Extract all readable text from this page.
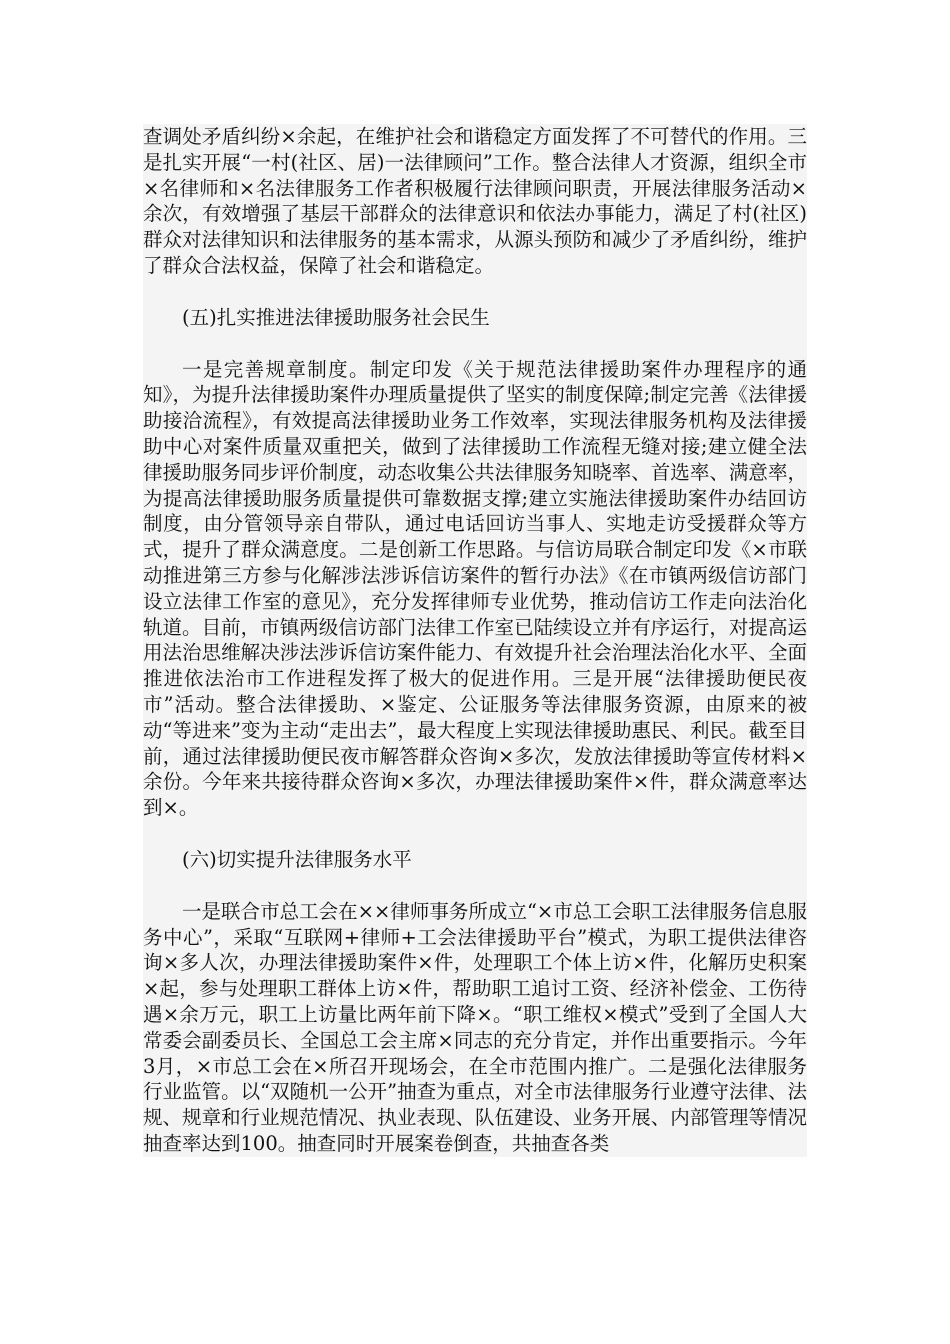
查调处矛盾纠纷×余起，在维护社会和谐稳定方面发挥了不可替代的作用。三是扎实开展“一村(社区、居)一法律顾问”工作。整合法律人才资源，组织全市×名律师和×名法律服务工作者积极履行法律顾问职责，开展法律服务活动×余次，有效增强了基层干部群众的法律意识和依法办事能力，满足了村(社区)群众对法律知识和法律服务的基本需求，从源头预防和减少了矛盾纠纷，维护了群众合法权益，保障了社会和谐稳定。

(五)扎实推进法律援助服务社会民生

一是完善规章制度。制定印发《关于规范法律援助案件办理程序的通知》，为提升法律援助案件办理质量提供了坚实的制度保障;制定完善《法律援助接洽流程》，有效提高法律援助业务工作效率，实现法律服务机构及法律援助中心对案件质量双重把关，做到了法律援助工作流程无缝对接;建立健全法律援助服务同步评价制度，动态收集公共法律服务知晓率、首选率、满意率，为提高法律援助服务质量提供可靠数据支撑;建立实施法律援助案件办结回访制度，由分管领导亲自带队，通过电话回访当事人、实地走访受援群众等方式，提升了群众满意度。二是创新工作思路。与信访局联合制定印发《×市联动推进第三方参与化解涉法涉诉信访案件的暂行办法》《在市镇两级信访部门设立法律工作室的意见》，充分发挥律师专业优势，推动信访工作走向法治化轨道。目前，市镇两级信访部门法律工作室已陆续设立并有序运行，对提高运用法治思维解决涉法涉诉信访案件能力、有效提升社会治理法治化水平、全面推进依法治市工作进程发挥了极大的促进作用。三是开展“法律援助便民夜市”活动。整合法律援助、×鉴定、公证服务等法律服务资源，由原来的被动“等进来”变为主动“走出去”，最大程度上实现法律援助惠民、利民。截至目前，通过法律援助便民夜市解答群众咨询×多次，发放法律援助等宣传材料×余份。今年来共接待群众咨询×多次，办理法律援助案件×件，群众满意率达到×。

(六)切实提升法律服务水平

一是联合市总工会在××律师事务所成立“×市总工会职工法律服务信息服务中心”，采取“互联网+律师+工会法律援助平台”模式，为职工提供法律咨询×多人次，办理法律援助案件×件，处理职工个体上访×件，化解历史积案×起，参与处理职工群体上访×件，帮助职工追讨工资、经济补偿金、工伤待遇×余万元，职工上访量比两年前下降×。“职工维权×模式”受到了全国人大常委会副委员长、全国总工会主席×同志的充分肯定，并作出重要指示。今年3月，×市总工会在×所召开现场会，在全市范围内推广。二是强化法律服务行业监管。以“双随机一公开”抽查为重点，对全市法律服务行业遵守法律、法规、规章和行业规范情况、执业表现、队伍建设、业务开展、内部管理等情况抽查率达到100。抽查同时开展案卷倒查，共抽查各类
